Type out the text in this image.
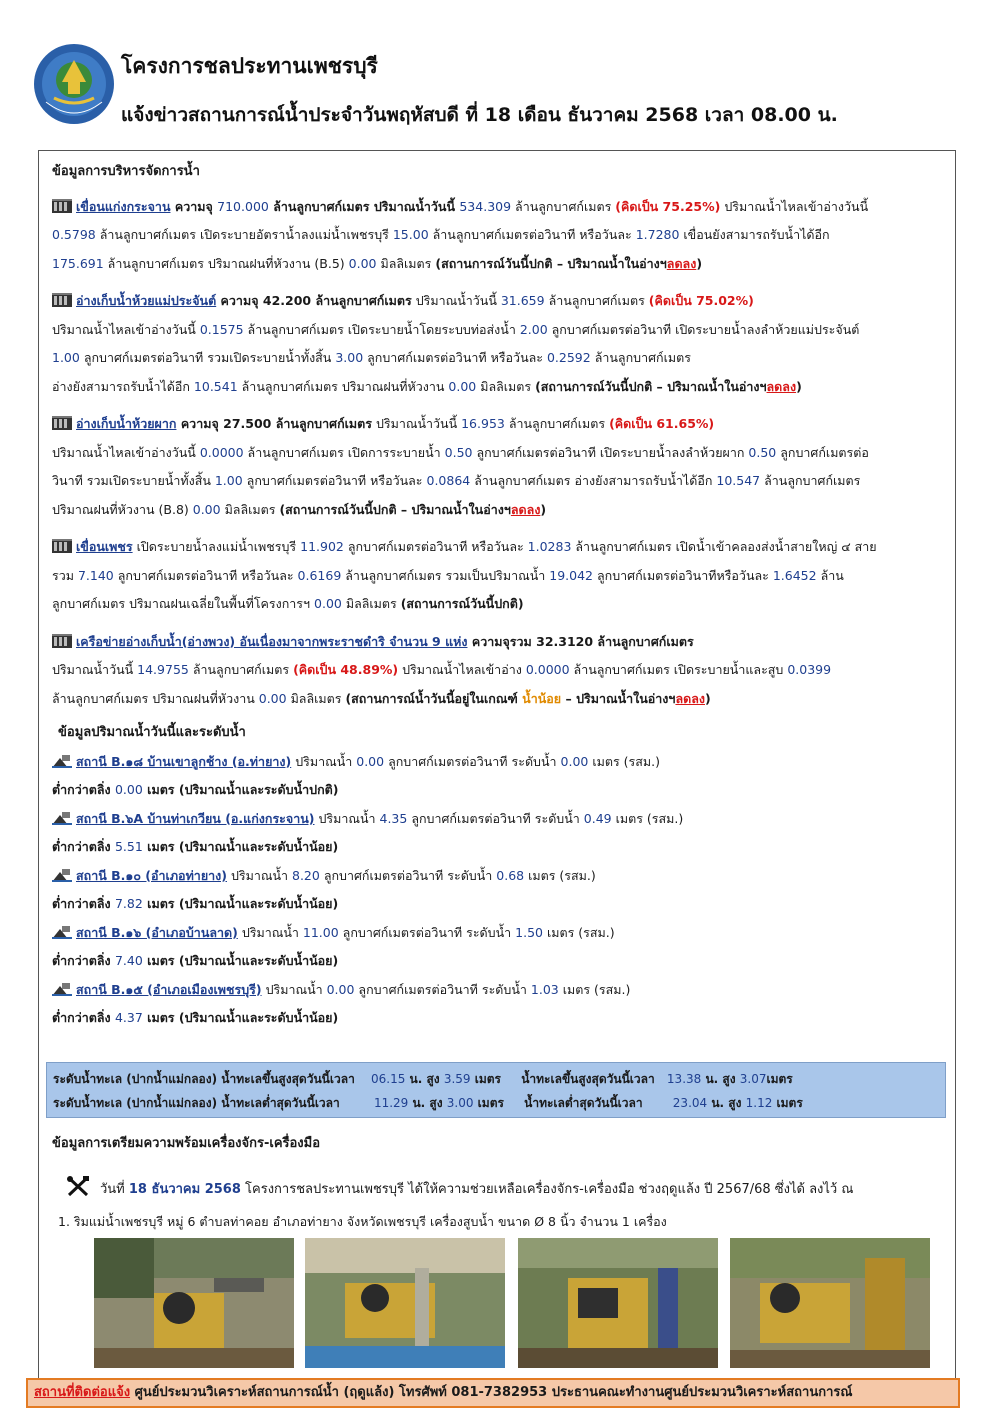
โครงการชลประทานเพชรบุรี
แจ้งข่าวสถานการณ์น้ำประจำวันพฤหัสบดี ที่ 18 เดือน ธันวาคม 2568 เวลา 08.00 น.
ข้อมูลการบริหารจัดการน้ำ

เขื่อนแก่งกระจาน ความจุ 710.000 ล้านลูกบาศก์เมตร ปริมาณน้ำวันนี้ 534.309 ล้านลูกบาศก์เมตร (คิดเป็น 75.25%) ปริมาณน้ำไหลเข้าอ่างวันนี้

0.5798 ล้านลูกบาศก์เมตร เปิดระบายอัตราน้ำลงแม่น้ำเพชรบุรี 15.00 ล้านลูกบาศก์เมตรต่อวินาที หรือวันละ 1.7280 เขื่อนยังสามารถรับน้ำได้อีก

175.691 ล้านลูกบาศก์เมตร ปริมาณฝนที่หัวงาน (B.5) 0.00 มิลลิเมตร (สถานการณ์วันนี้ปกติ – ปริมาณน้ำในอ่างฯลดลง)

อ่างเก็บน้ำห้วยแม่ประจันต์ ความจุ 42.200 ล้านลูกบาศก์เมตร ปริมาณน้ำวันนี้ 31.659 ล้านลูกบาศก์เมตร (คิดเป็น 75.02%)

ปริมาณน้ำไหลเข้าอ่างวันนี้ 0.1575 ล้านลูกบาศก์เมตร เปิดระบายน้ำโดยระบบท่อส่งน้ำ 2.00 ลูกบาศก์เมตรต่อวินาที เปิดระบายน้ำลงลำห้วยแม่ประจันต์

1.00 ลูกบาศก์เมตรต่อวินาที รวมเปิดระบายน้ำทั้งสิ้น 3.00 ลูกบาศก์เมตรต่อวินาที หรือวันละ 0.2592 ล้านลูกบาศก์เมตร

อ่างยังสามารถรับน้ำได้อีก 10.541 ล้านลูกบาศก์เมตร ปริมาณฝนที่หัวงาน 0.00 มิลลิเมตร (สถานการณ์วันนี้ปกติ – ปริมาณน้ำในอ่างฯลดลง)

อ่างเก็บน้ำห้วยผาก ความจุ 27.500 ล้านลูกบาศก์เมตร ปริมาณน้ำวันนี้ 16.953 ล้านลูกบาศก์เมตร (คิดเป็น 61.65%)

ปริมาณน้ำไหลเข้าอ่างวันนี้ 0.0000 ล้านลูกบาศก์เมตร เปิดการระบายน้ำ 0.50 ลูกบาศก์เมตรต่อวินาที เปิดระบายน้ำลงลำห้วยผาก 0.50 ลูกบาศก์เมตรต่อ

วินาที รวมเปิดระบายน้ำทั้งสิ้น 1.00 ลูกบาศก์เมตรต่อวินาที หรือวันละ 0.0864 ล้านลูกบาศก์เมตร อ่างยังสามารถรับน้ำได้อีก 10.547 ล้านลูกบาศก์เมตร

ปริมาณฝนที่หัวงาน (B.8) 0.00 มิลลิเมตร (สถานการณ์วันนี้ปกติ – ปริมาณน้ำในอ่างฯลดลง)

เขื่อนเพชร เปิดระบายน้ำลงแม่น้ำเพชรบุรี 11.902 ลูกบาศก์เมตรต่อวินาที หรือวันละ 1.0283 ล้านลูกบาศก์เมตร เปิดน้ำเข้าคลองส่งน้ำสายใหญ่ ๔ สาย

รวม 7.140 ลูกบาศก์เมตรต่อวินาที หรือวันละ 0.6169 ล้านลูกบาศก์เมตร รวมเป็นปริมาณน้ำ 19.042 ลูกบาศก์เมตรต่อวินาทีหรือวันละ 1.6452 ล้าน

ลูกบาศก์เมตร ปริมาณฝนเฉลี่ยในพื้นที่โครงการฯ 0.00 มิลลิเมตร (สถานการณ์วันนี้ปกติ)

เครือข่ายอ่างเก็บน้ำ(อ่างพวง) อันเนื่องมาจากพระราชดำริ จำนวน 9 แห่ง ความจุรวม 32.3120 ล้านลูกบาศก์เมตร

ปริมาณน้ำวันนี้ 14.9755 ล้านลูกบาศก์เมตร (คิดเป็น 48.89%) ปริมาณน้ำไหลเข้าอ่าง 0.0000 ล้านลูกบาศก์เมตร เปิดระบายน้ำและสูบ 0.0399

ล้านลูกบาศก์เมตร ปริมาณฝนที่หัวงาน 0.00 มิลลิเมตร (สถานการณ์น้ำวันนี้อยู่ในเกณฑ์ น้ำน้อย – ปริมาณน้ำในอ่างฯลดลง)

ข้อมูลปริมาณน้ำวันนี้และระดับน้ำ

สถานี B.๑๘ บ้านเขาลูกช้าง (อ.ท่ายาง) ปริมาณน้ำ 0.00 ลูกบาศก์เมตรต่อวินาที ระดับน้ำ 0.00 เมตร (รสม.)

ต่ำกว่าตลิ่ง 0.00 เมตร (ปริมาณน้ำและระดับน้ำปกติ)

สถานี B.๖A บ้านท่าเกวียน (อ.แก่งกระจาน) ปริมาณน้ำ 4.35 ลูกบาศก์เมตรต่อวินาที ระดับน้ำ 0.49 เมตร (รสม.)

ต่ำกว่าตลิ่ง 5.51 เมตร (ปริมาณน้ำและระดับน้ำน้อย)

สถานี B.๑๐ (อำเภอท่ายาง) ปริมาณน้ำ 8.20 ลูกบาศก์เมตรต่อวินาที ระดับน้ำ 0.68 เมตร (รสม.)

ต่ำกว่าตลิ่ง 7.82 เมตร (ปริมาณน้ำและระดับน้ำน้อย)

สถานี B.๑๖ (อำเภอบ้านลาด) ปริมาณน้ำ 11.00 ลูกบาศก์เมตรต่อวินาที ระดับน้ำ 1.50 เมตร (รสม.)

ต่ำกว่าตลิ่ง 7.40 เมตร (ปริมาณน้ำและระดับน้ำน้อย)

สถานี B.๑๕ (อำเภอเมืองเพชรบุรี) ปริมาณน้ำ 0.00 ลูกบาศก์เมตรต่อวินาที ระดับน้ำ 1.03 เมตร (รสม.)

ต่ำกว่าตลิ่ง 4.37 เมตร (ปริมาณน้ำและระดับน้ำน้อย)

ระดับน้ำทะเล (ปากน้ำแม่กลอง) น้ำทะเลขึ้นสูงสุดวันนี้เวลา 06.15 น. สูง 3.59 เมตร น้ำทะเลขึ้นสูงสุดวันนี้เวลา 13.38 น. สูง 3.07เมตร
ระดับน้ำทะเล (ปากน้ำแม่กลอง) น้ำทะเลต่ำสุดวันนี้เวลา	11.29 น. สูง 3.00 เมตร น้ำทะเลต่ำสุดวันนี้เวลา	23.04 น. สูง 1.12 เมตร
ข้อมูลการเตรียมความพร้อมเครื่องจักร-เครื่องมือ
วันที่ 18 ธันวาคม 2568 โครงการชลประทานเพชรบุรี ได้ให้ความช่วยเหลือเครื่องจักร-เครื่องมือ ช่วงฤดูแล้ง ปี 2567/68 ซึ่งได้ ลงไว้ ณ
1. ริมแม่น้ำเพชรบุรี หมู่ 6 ตำบลท่าคอย อำเภอท่ายาง จังหวัดเพชรบุรี เครื่องสูบน้ำ ขนาด Ø 8 นิ้ว จำนวน 1 เครื่อง
สถานที่ติดต่อแจ้ง ศูนย์ประมวนวิเคราะห์สถานการณ์น้ำ (ฤดูแล้ง) โทรศัพท์ 081-7382953 ประธานคณะทำงานศูนย์ประมวนวิเคราะห์สถานการณ์
